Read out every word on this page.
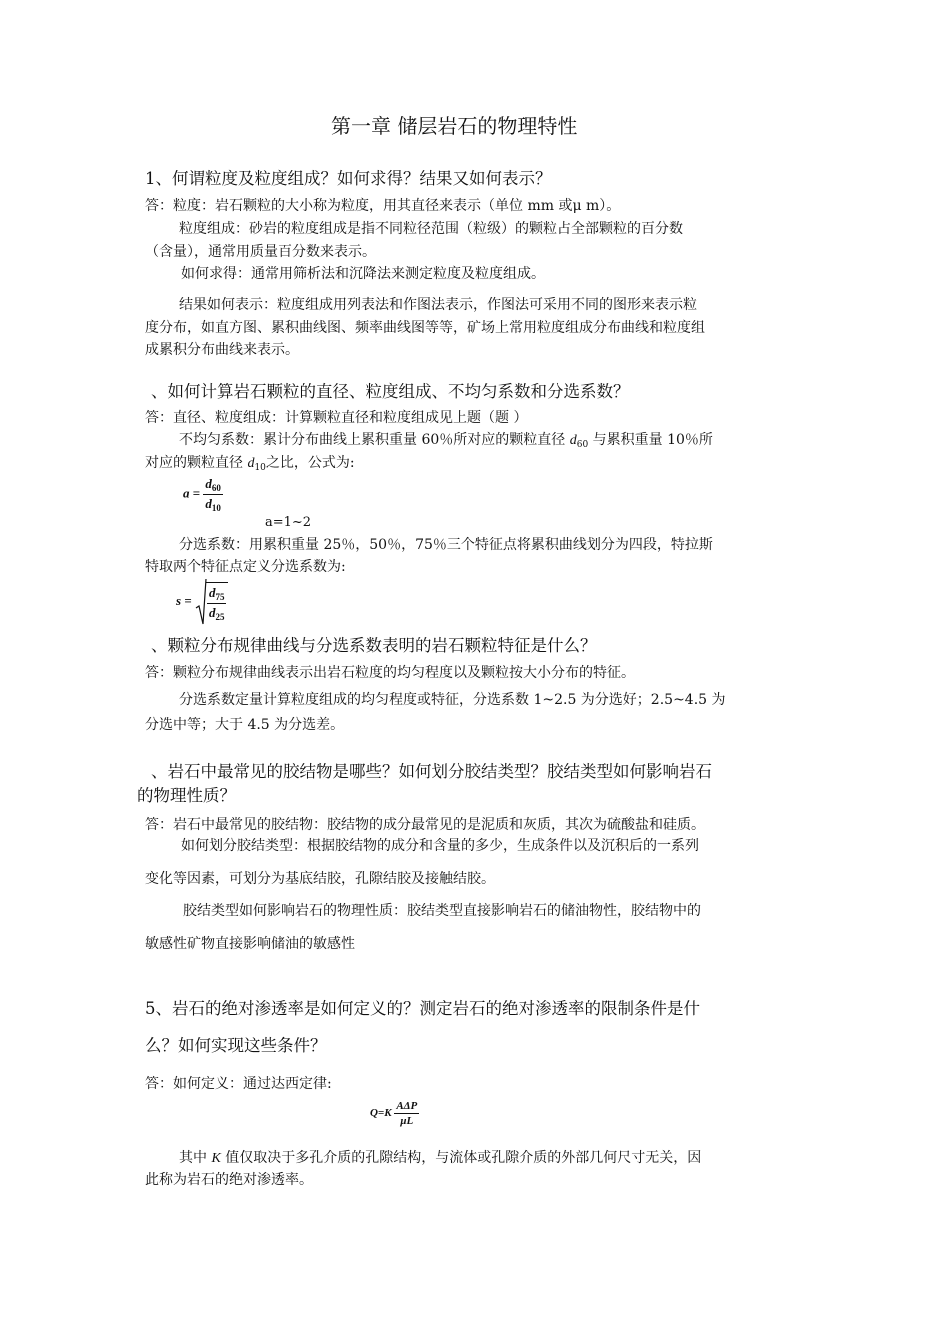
第一章 储层岩石的物理特性
1、何谓粒度及粒度组成？如何求得？结果又如何表示？
答：粒度：岩石颗粒的大小称为粒度，用其直径来表示（单位 mm 或μ m）。
粒度组成：砂岩的粒度组成是指不同粒径范围（粒级）的颗粒占全部颗粒的百分数
（含量），通常用质量百分数来表示。
如何求得：通常用筛析法和沉降法来测定粒度及粒度组成。
结果如何表示：粒度组成用列表法和作图法表示，作图法可采用不同的图形来表示粒
度分布，如直方图、累积曲线图、频率曲线图等等，矿场上常用粒度组成分布曲线和粒度组
成累积分布曲线来表示。
、如何计算岩石颗粒的直径、粒度组成、不均匀系数和分选系数？
答：直径、粒度组成：计算颗粒直径和粒度组成见上题（题 ）
不均匀系数：累计分布曲线上累积重量 60％所对应的颗粒直径 $d_{60}$ 与累积重量 10％所
对应的颗粒直径 $d_{10}$之比，公式为:
$a = \frac{d_{60}}{d_{10}}$
a=1~2
分选系数：用累积重量 25％，50％，75％三个特征点将累积曲线划分为四段，特拉斯
特取两个特征点定义分选系数为:
$s = \frac{d_{75}}{d_{25}}$
、颗粒分布规律曲线与分选系数表明的岩石颗粒特征是什么？
答：颗粒分布规律曲线表示出岩石粒度的均匀程度以及颗粒按大小分布的特征。
分选系数定量计算粒度组成的均匀程度或特征，分选系数 1~2.5 为分选好；2.5~4.5 为
分选中等；大于 4.5 为分选差。
、岩石中最常见的胶结物是哪些？如何划分胶结类型？胶结类型如何影响岩石
的物理性质？
答：岩石中最常见的胶结物：胶结物的成分最常见的是泥质和灰质，其次为硫酸盐和硅质。
如何划分胶结类型：根据胶结物的成分和含量的多少，生成条件以及沉积后的一系列
变化等因素，可划分为基底结胶，孔隙结胶及接触结胶。
胶结类型如何影响岩石的物理性质：胶结类型直接影响岩石的储油物性，胶结物中的
敏感性矿物直接影响储油的敏感性
5、岩石的绝对渗透率是如何定义的？测定岩石的绝对渗透率的限制条件是什
么？如何实现这些条件？
答：如何定义：通过达西定律:
$Q=K \frac{\text{AΔP}}{\mu L}$
其中 K 值仅取决于多孔介质的孔隙结构，与流体或孔隙介质的外部几何尺寸无关，因
此称为岩石的绝对渗透率。
